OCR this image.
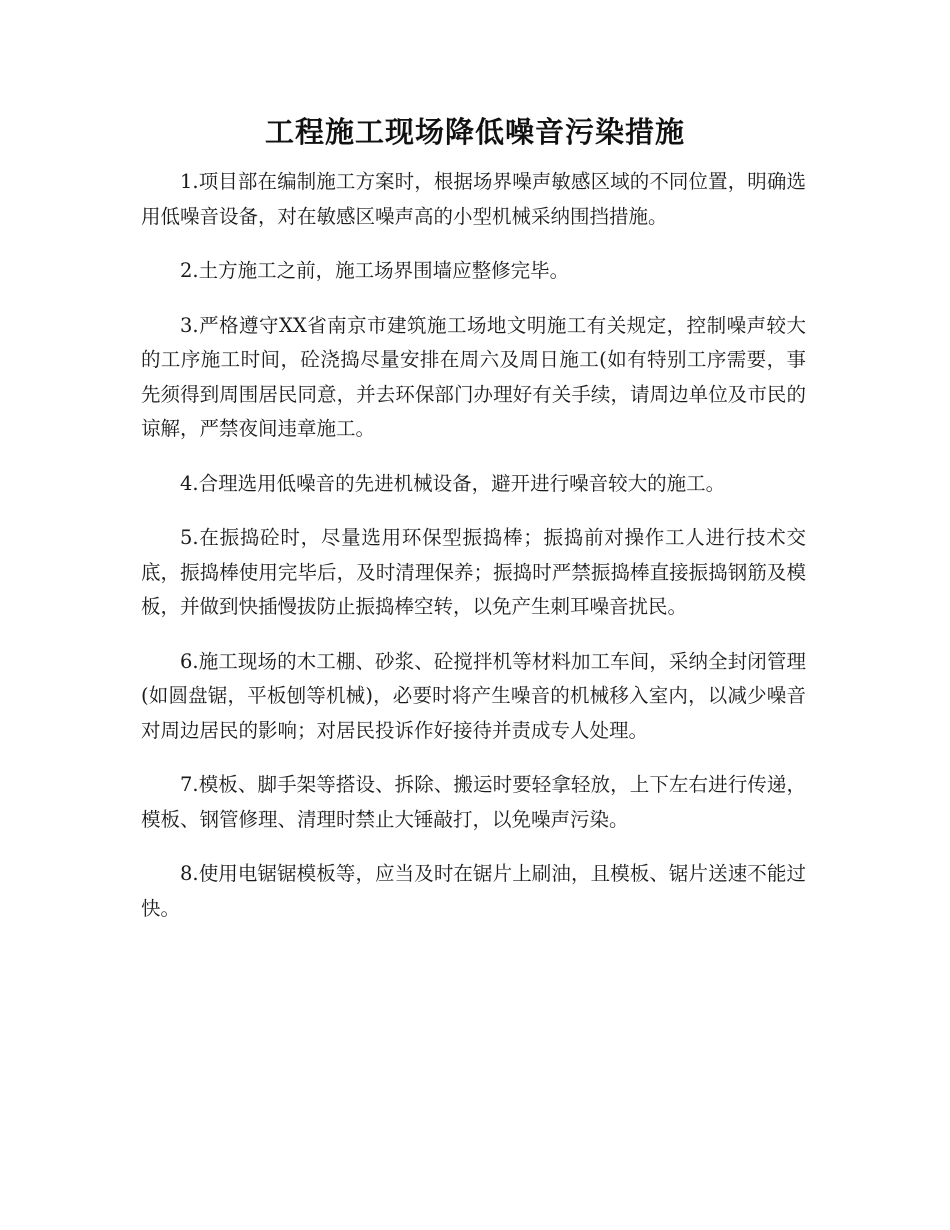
工程施工现场降低噪音污染措施

1.项目部在编制施工方案时，根据场界噪声敏感区域的不同位置，明确选用低噪音设备，对在敏感区噪声高的小型机械采纳围挡措施。

2.土方施工之前，施工场界围墙应整修完毕。

3.严格遵守XX省南京市建筑施工场地文明施工有关规定，控制噪声较大的工序施工时间，砼浇捣尽量安排在周六及周日施工(如有特别工序需要，事先须得到周围居民同意，并去环保部门办理好有关手续，请周边单位及市民的谅解，严禁夜间违章施工。

4.合理选用低噪音的先进机械设备，避开进行噪音较大的施工。

5.在振捣砼时，尽量选用环保型振捣棒；振捣前对操作工人进行技术交底，振捣棒使用完毕后，及时清理保养；振捣时严禁振捣棒直接振捣钢筋及模板，并做到快插慢拔防止振捣棒空转，以免产生刺耳噪音扰民。

6.施工现场的木工棚、砂浆、砼搅拌机等材料加工车间，采纳全封闭管理(如圆盘锯，平板刨等机械)，必要时将产生噪音的机械移入室内，以减少噪音对周边居民的影响；对居民投诉作好接待并责成专人处理。

7.模板、脚手架等搭设、拆除、搬运时要轻拿轻放，上下左右进行传递，模板、钢管修理、清理时禁止大锤敲打，以免噪声污染。

8.使用电锯锯模板等，应当及时在锯片上刷油，且模板、锯片送速不能过快。
